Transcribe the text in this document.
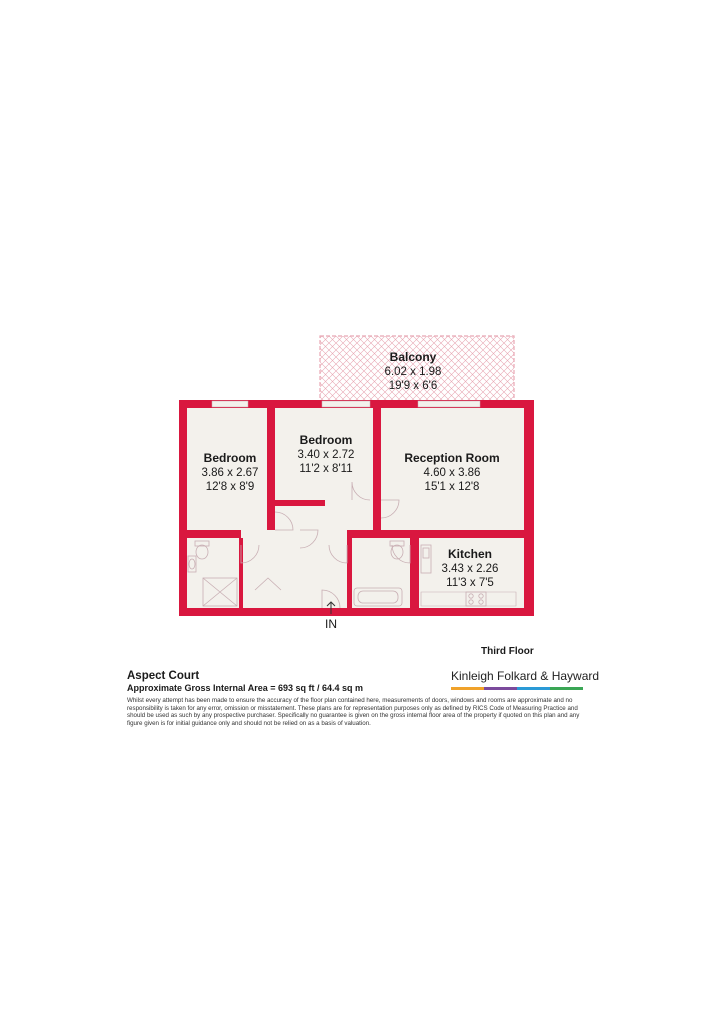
Balcony
6.02 x 1.98
19'9 x 6'6
Bedroom
3.86 x 2.67
12'8 x 8'9
Bedroom
3.40 x 2.72
11'2 x 8'11
Reception Room
4.60 x 3.86
15'1 x 12'8
Kitchen
3.43 x 2.26
11'3 x 7'5
IN
Third Floor
Aspect Court
Approximate Gross Internal Area = 693 sq ft / 64.4 sq m
Whilst every attempt has been made to ensure the accuracy of the floor plan contained here, measurements of doors, windows and rooms are approximate and no responsibility is taken for any error, omission or misstatement. These plans are for representation purposes only as defined by RICS Code of Measuring Practice and should be used as such by any prospective purchaser. Specifically no guarantee is given on the gross internal floor area of the property if quoted on this plan and any figure given is for initial guidance only and should not be relied on as a basis of valuation.
Kinleigh Folkard & Hayward
